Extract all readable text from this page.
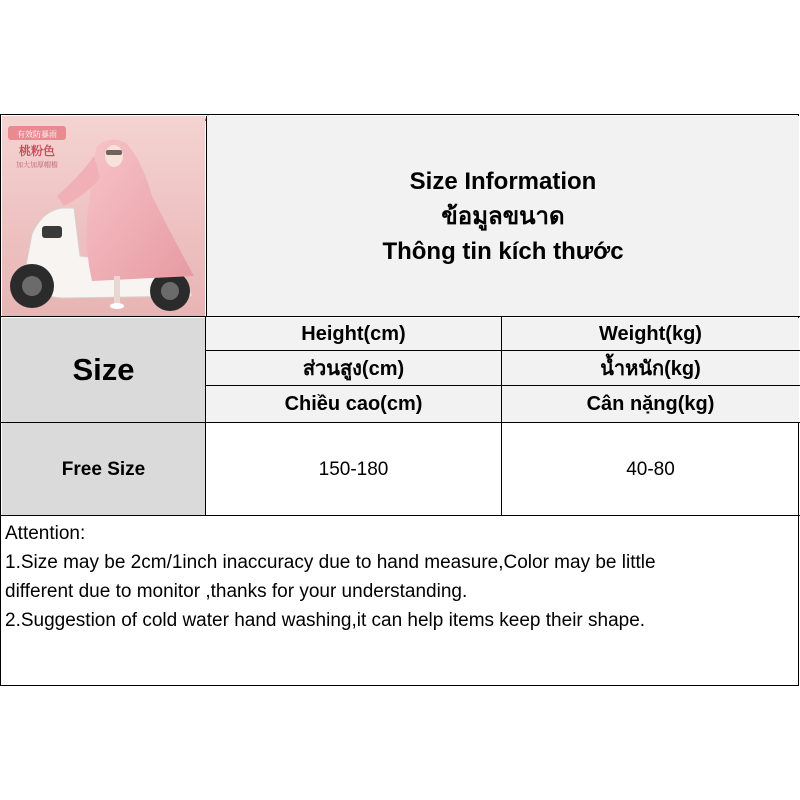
有效防暴雨
桃粉色
加大加厚帽檐
Size Information
ข้อมูลขนาด
Thông tin kích thước
Size
Height(cm)	Weight(kg)
ส่วนสูง(cm)	น้ำหนัก(kg)
Chiều cao(cm)	Cân nặng(kg)
Free Size	150-180	40-80
Attention:
1.Size may be 2cm/1inch inaccuracy due to hand measure,Color may be little
different due to monitor ,thanks for your understanding.
2.Suggestion of cold water hand washing,it can help items keep their shape.
